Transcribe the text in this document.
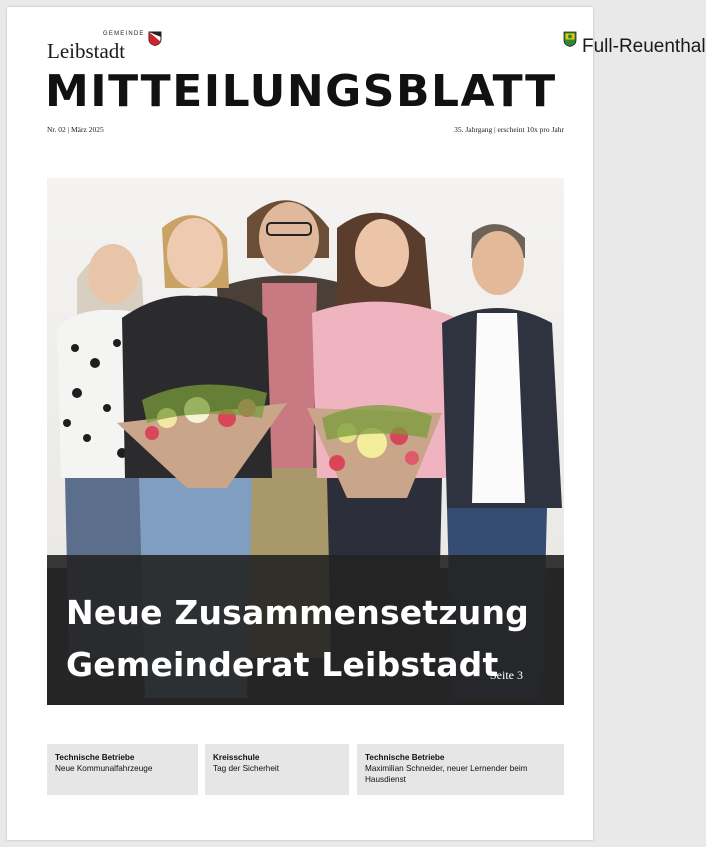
GEMEINDE
Leibstadt	Full-Reuenthal
MITTEILUNGSBLATT
Nr. 02 | März 2025	35. Jahrgang | erscheint 10x pro Jahr
Neue Zusammensetzung
Gemeinderat Leibstadt
Seite 3
Technische Betriebe
Neue Kommunalfahrzeuge
Kreisschule
Tag der Sicherheit
Technische Betriebe
Maximilian Schneider, neuer Lernender beim Hausdienst
